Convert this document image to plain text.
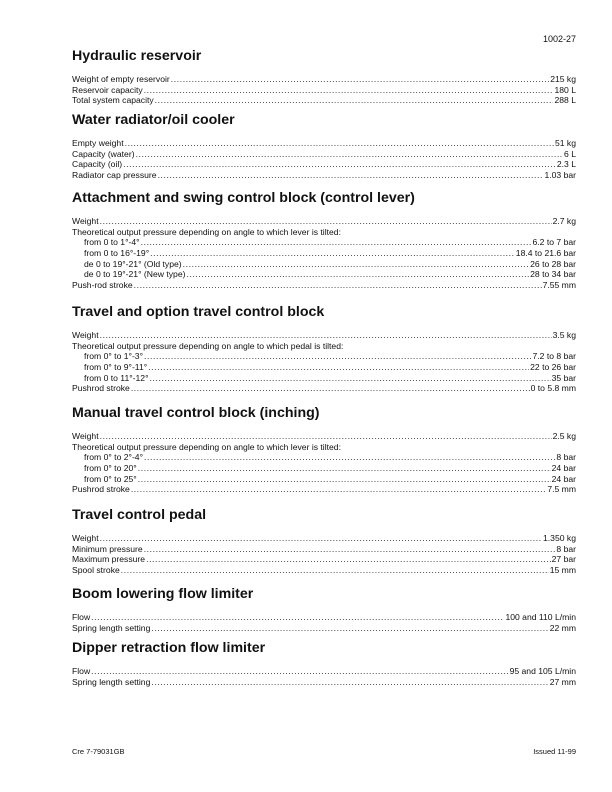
1002-27
Hydraulic reservoir
Weight of empty reservoir .....	215 kg
Reservoir capacity .....	180 L
Total system capacity .....	288 L
Water radiator/oil cooler
Empty weight .....	51 kg
Capacity (water) .....	6 L
Capacity (oil) .....	2.3 L
Radiator cap pressure .....	1.03 bar
Attachment and swing control block (control lever)
Weight .....	2.7 kg
Theoretical output pressure depending on angle to which lever is tilted:
from 0 to 1°-4° .....	6.2 to 7 bar
from 0 to 16°-19° .....	18.4 to 21.6 bar
de 0 to 19°-21° (Old type) .....	26 to 28 bar
de 0 to 19°-21° (New type) .....	28 to 34 bar
Push-rod stroke .....	7.55 mm
Travel and option travel control block
Weight .....	3.5 kg
Theoretical output pressure depending on angle to which pedal is tilted:
from 0° to 1°-3° .....	7.2 to 8 bar
from 0° to 9°-11° .....	22 to 26 bar
from 0 to 11°-12° .....	35 bar
Pushrod stroke .....	0 to 5.8 mm
Manual travel control block (inching)
Weight .....	2.5 kg
Theoretical output pressure depending on angle to which lever is tilted:
from 0° to 2°-4° .....	8 bar
from 0° to 20° .....	24 bar
from 0° to 25° .....	24 bar
Pushrod stroke .....	7.5 mm
Travel control pedal
Weight .....	1.350 kg
Minimum pressure .....	8 bar
Maximum pressure .....	27 bar
Spool stroke .....	15 mm
Boom lowering flow limiter
Flow .....	100 and 110 L/min
Spring length setting .....	22 mm
Dipper retraction flow limiter
Flow .....	95 and 105 L/min
Spring length setting .....	27 mm
Cre 7-79031GB	Issued 11-99
